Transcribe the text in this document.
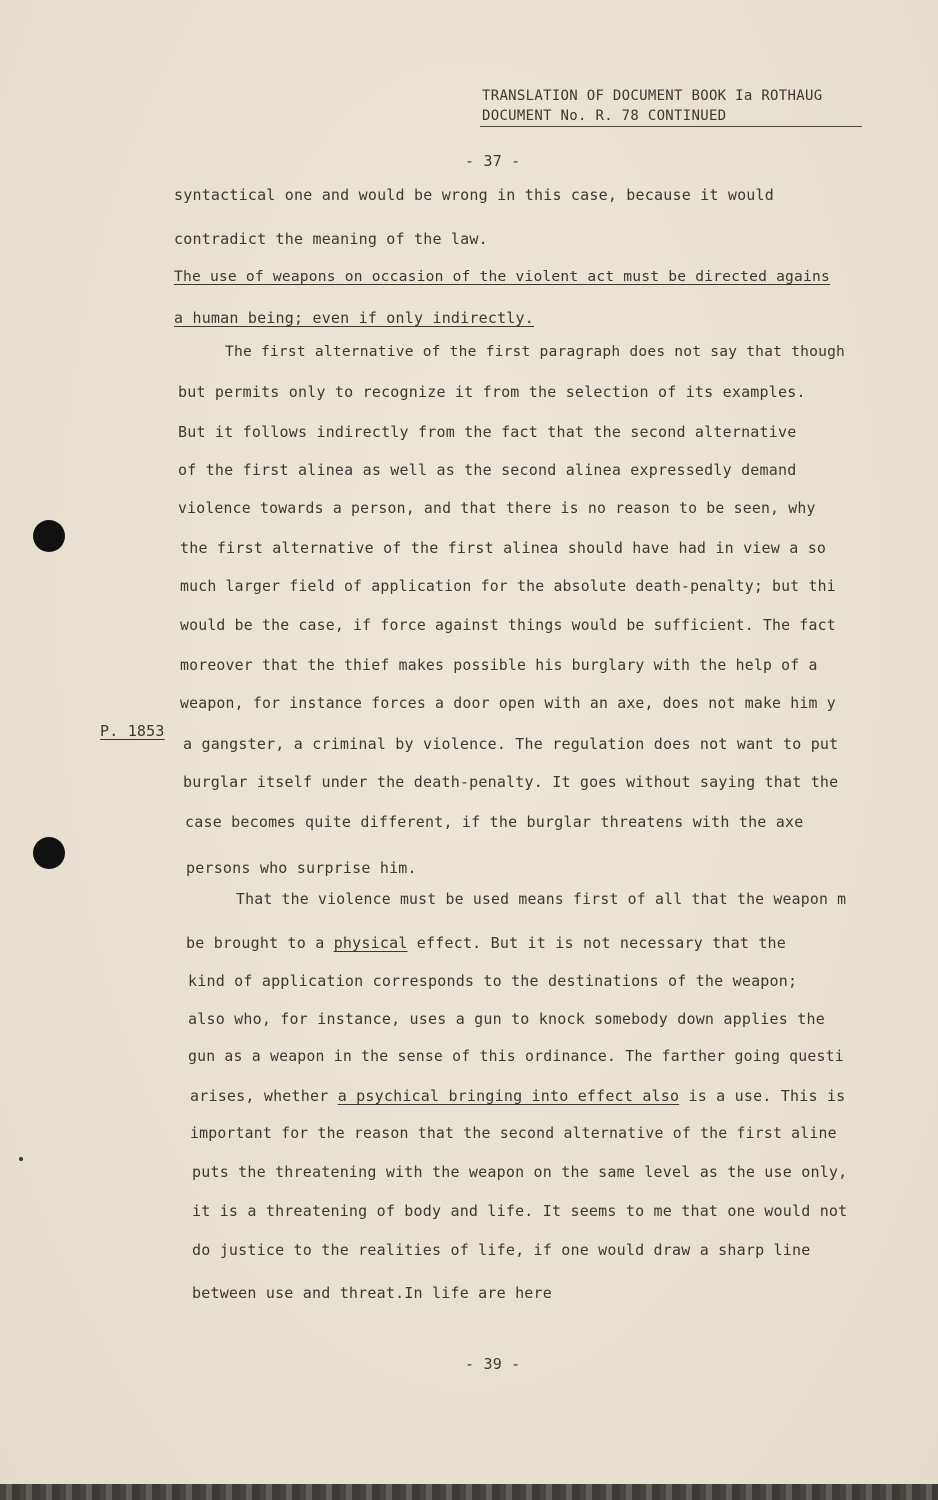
TRANSLATION OF DOCUMENT BOOK Ia ROTHAUG
DOCUMENT No. R. 78 CONTINUED
- 37 -
syntactical one and would be wrong in this case, because it would
contradict the meaning of the law.
The use of weapons on occasion of the violent act must be directed agains
a human being; even if only indirectly.
The first alternative of the first paragraph does not say that though
but permits only to recognize it from the selection of its examples.
But it follows indirectly from the fact that the second alternative
of the first alinea as well as the second alinea expressedly demand
violence towards a person, and that there is no reason to be seen, why
the first alternative of the first alinea should have had in view a so
much larger field of application for the absolute death-penalty; but thi
would be the case, if force against things would be sufficient. The fact
moreover that the thief makes possible his burglary with the help of a
weapon, for instance forces a door open with an axe, does not make him y
P. 1853
a gangster, a criminal by violence. The regulation does not want to put
burglar itself under the death-penalty. It goes without saying that the
case becomes quite different, if the burglar threatens with the axe
persons who surprise him.
That the violence must be used means first of all that the weapon m
be brought to a physical effect. But it is not necessary that the
kind of application corresponds to the destinations of the weapon;
also who, for instance, uses a gun to knock somebody down applies the
gun as a weapon in the sense of this ordinance. The farther going questi
arises, whether a psychical bringing into effect also is a use. This is
important for the reason that the second alternative of the first aline
puts the threatening with the weapon on the same level as the use only,
it is a threatening of body and life. It seems to me that one would not
do justice to the realities of life, if one would draw a sharp line
between use and threat.In life are here
- 39 -
